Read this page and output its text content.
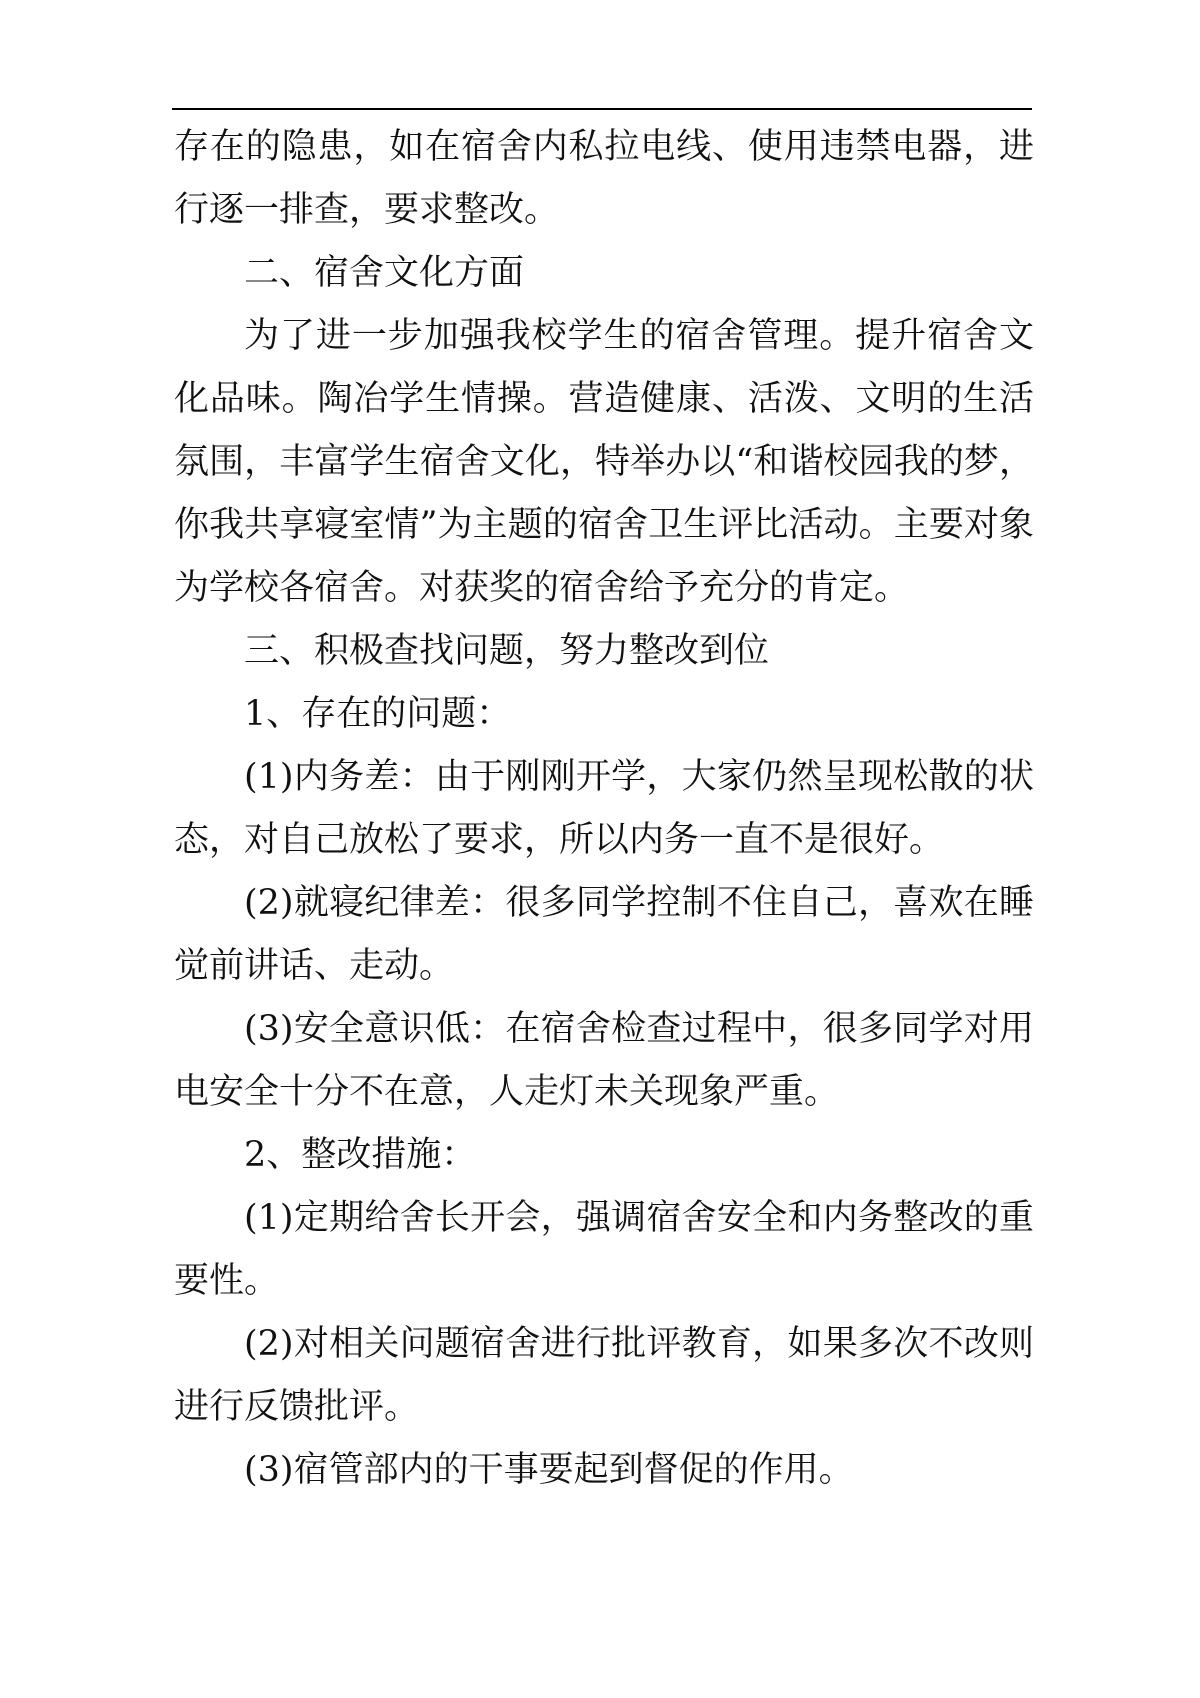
存在的隐患，如在宿舍内私拉电线、使用违禁电器，进行逐一排查，要求整改。

二、宿舍文化方面

为了进一步加强我校学生的宿舍管理。提升宿舍文化品味。陶冶学生情操。营造健康、活泼、文明的生活氛围，丰富学生宿舍文化，特举办以“和谐校园我的梦，你我共享寝室情”为主题的宿舍卫生评比活动。主要对象为学校各宿舍。对获奖的宿舍给予充分的肯定。

三、积极查找问题，努力整改到位

1、存在的问题：

(1)内务差：由于刚刚开学，大家仍然呈现松散的状态，对自己放松了要求，所以内务一直不是很好。

(2)就寝纪律差：很多同学控制不住自己，喜欢在睡觉前讲话、走动。

(3)安全意识低：在宿舍检查过程中，很多同学对用电安全十分不在意，人走灯未关现象严重。

2、整改措施：

(1)定期给舍长开会，强调宿舍安全和内务整改的重要性。

(2)对相关问题宿舍进行批评教育，如果多次不改则进行反馈批评。

(3)宿管部内的干事要起到督促的作用。
